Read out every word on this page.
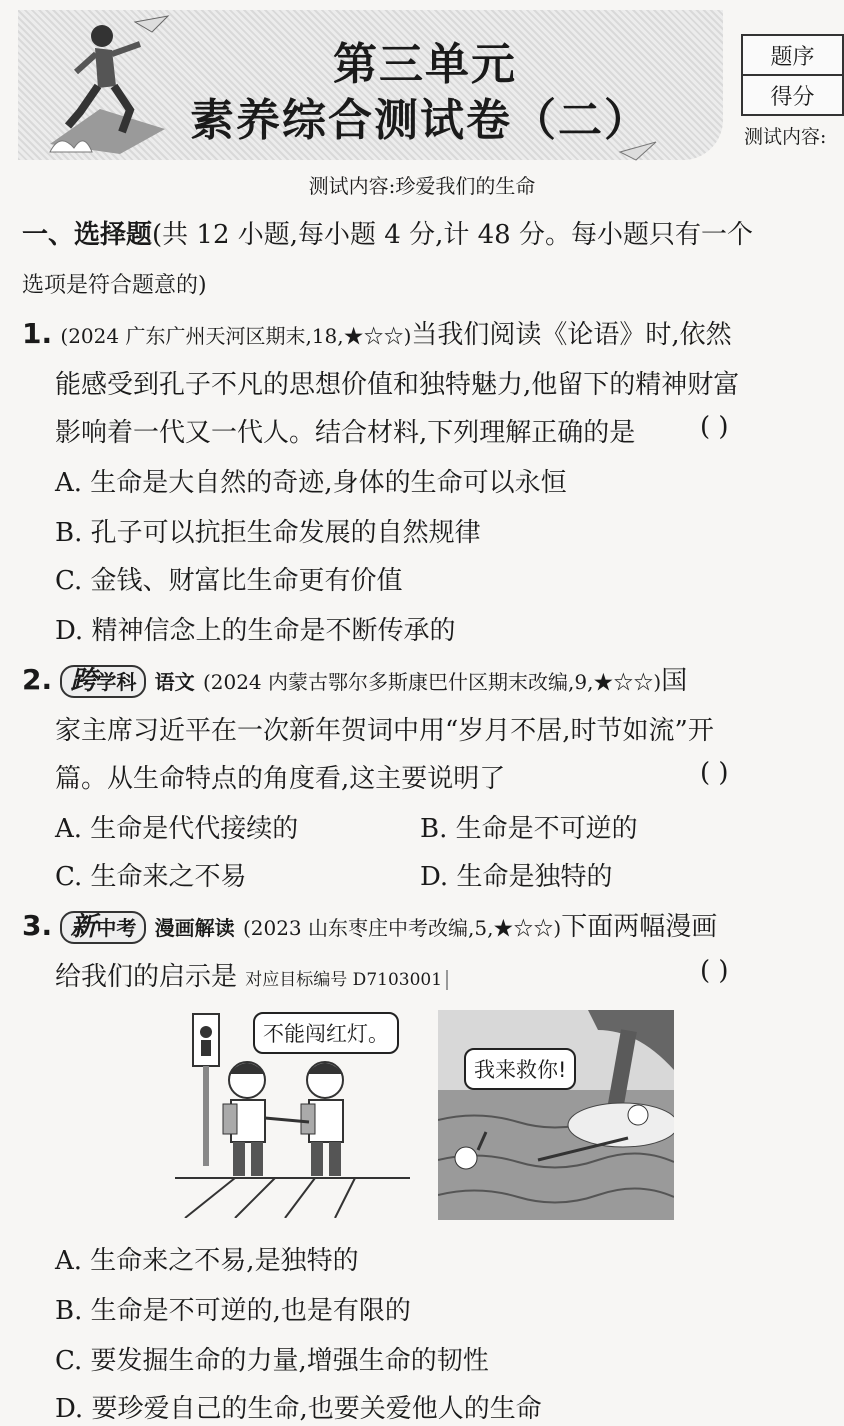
第三单元
素养综合测试卷（二）
题序
得分
测试内容:
测试内容:珍爱我们的生命
一、选择题(共 12 小题,每小题 4 分,计 48 分。每小题只有一个
选项是符合题意的)
1. (2024 广东广州天河区期末,18,★☆☆)当我们阅读《论语》时,依然
能感受到孔子不凡的思想价值和独特魅力,他留下的精神财富
影响着一代又一代人。结合材料,下列理解正确的是 ( )
A. 生命是大自然的奇迹,身体的生命可以永恒
B. 孔子可以抗拒生命发展的自然规律
C. 金钱、财富比生命更有价值
D. 精神信念上的生命是不断传承的
2. 跨学科 语文 (2024 内蒙古鄂尔多斯康巴什区期末改编,9,★☆☆)国
家主席习近平在一次新年贺词中用“岁月不居,时节如流”开
篇。从生命特点的角度看,这主要说明了	( )
A. 生命是代代接续的	B. 生命是不可逆的
C. 生命来之不易	D. 生命是独特的
3. 新中考 漫画解读 (2023 山东枣庄中考改编,5,★☆☆)下面两幅漫画
给我们的启示是 对应目标编号 D7103001	( )
不能闯红灯。
我来救你!
A. 生命来之不易,是独特的
B. 生命是不可逆的,也是有限的
C. 要发掘生命的力量,增强生命的韧性
D. 要珍爱自己的生命,也要关爱他人的生命
